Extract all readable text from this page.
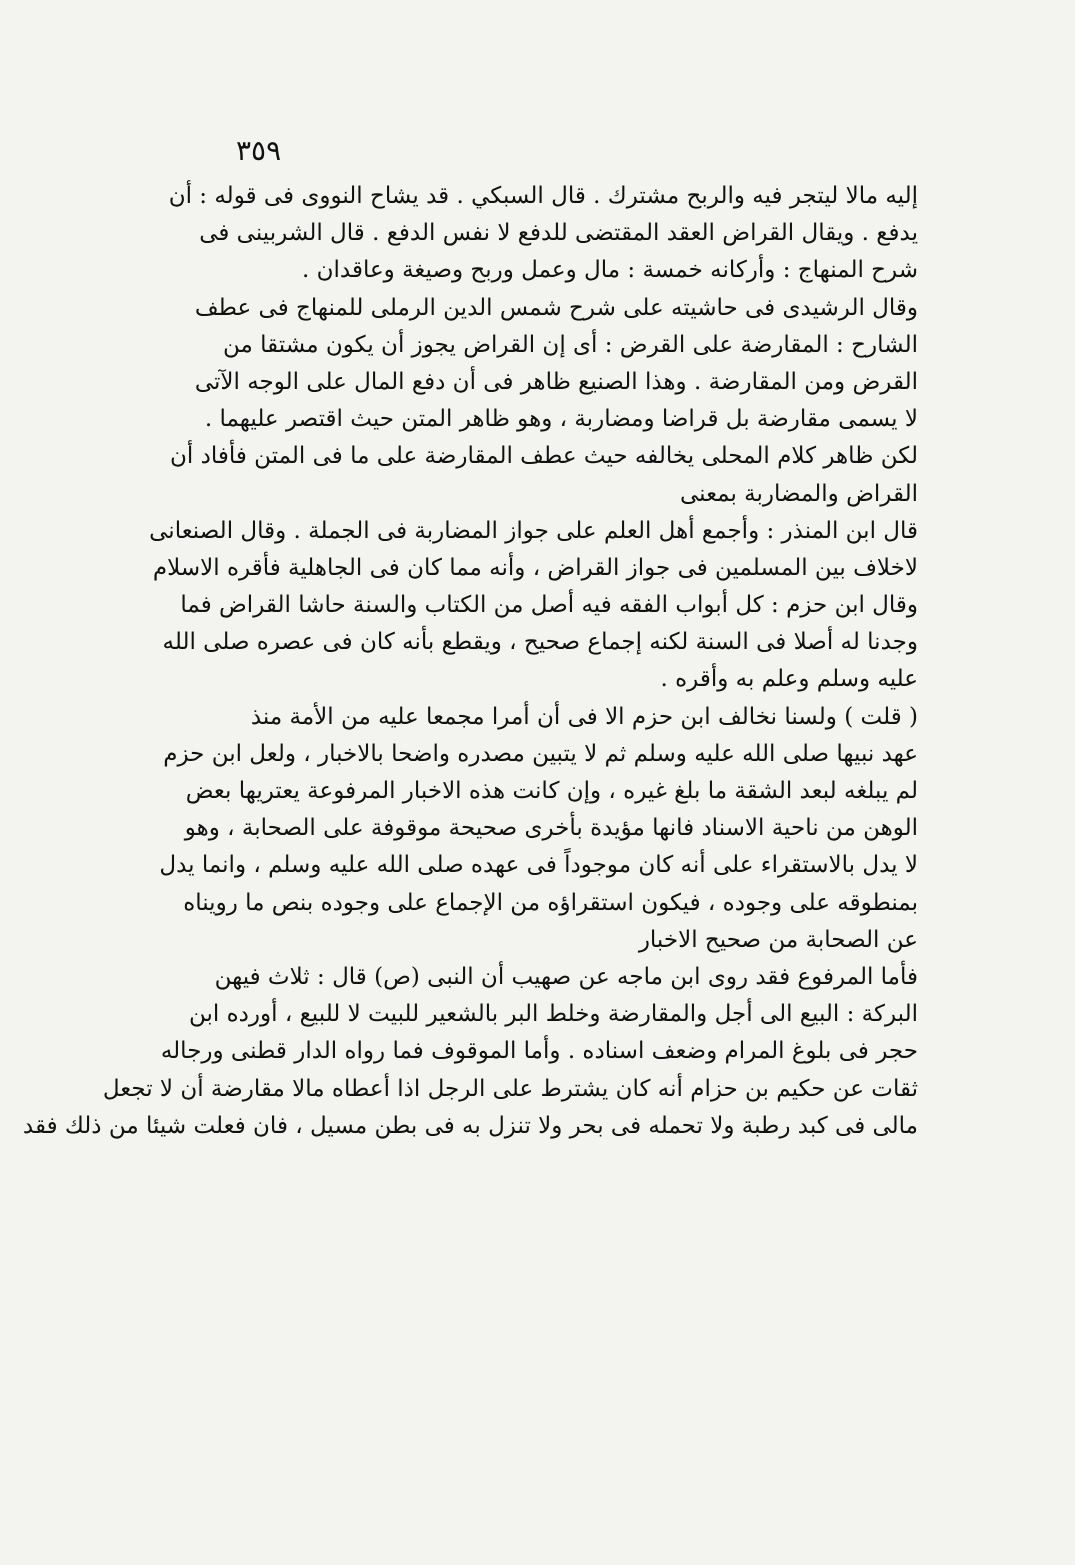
٣٥٩
إليه مالا ليتجر فيه والربح مشترك . قال السبكي . قد يشاح النووى فى قوله : أن
يدفع . ويقال القراض العقد المقتضى للدفع لا نفس الدفع . قال الشربينى فى
شرح المنهاج : وأركانه خمسة : مال وعمل وربح وصيغة وعاقدان .
وقال الرشيدى فى حاشيته على شرح شمس الدين الرملى للمنهاج فى عطف
الشارح : المقارضة على القرض : أى إن القراض يجوز أن يكون مشتقا من
القرض ومن المقارضة . وهذا الصنيع ظاهر فى أن دفع المال على الوجه الآتى
لا يسمى مقارضة بل قراضا ومضاربة ، وهو ظاهر المتن حيث اقتصر عليهما .
لكن ظاهر كلام المحلى يخالفه حيث عطف المقارضة على ما فى المتن فأفاد أن
القراض والمضاربة بمعنى
قال ابن المنذر : وأجمع أهل العلم على جواز المضاربة فى الجملة . وقال الصنعانى
لاخلاف بين المسلمين فى جواز القراض ، وأنه مما كان فى الجاهلية فأقره الاسلام
وقال ابن حزم : كل أبواب الفقه فيه أصل من الكتاب والسنة حاشا القراض فما
وجدنا له أصلا فى السنة لكنه إجماع صحيح ، ويقطع بأنه كان فى عصره صلى الله
عليه وسلم وعلم به وأقره .
( قلت ) ولسنا نخالف ابن حزم الا فى أن أمرا مجمعا عليه من الأمة منذ
عهد نبيها صلى الله عليه وسلم ثم لا يتبين مصدره واضحا بالاخبار ، ولعل ابن حزم
لم يبلغه لبعد الشقة ما بلغ غيره ، وإن كانت هذه الاخبار المرفوعة يعتريها بعض
الوهن من ناحية الاسناد فانها مؤيدة بأخرى صحيحة موقوفة على الصحابة ، وهو
لا يدل بالاستقراء على أنه كان موجوداً فى عهده صلى الله عليه وسلم ، وانما يدل
بمنطوقه على وجوده ، فيكون استقراؤه من الإجماع على وجوده بنص ما رويناه
عن الصحابة من صحيح الاخبار
فأما المرفوع فقد روى ابن ماجه عن صهيب أن النبى (ص) قال : ثلاث فيهن
البركة : البيع الى أجل والمقارضة وخلط البر بالشعير للبيت لا للبيع ، أورده ابن
حجر فى بلوغ المرام وضعف اسناده . وأما الموقوف فما رواه الدار قطنى ورجاله
ثقات عن حكيم بن حزام أنه كان يشترط على الرجل اذا أعطاه مالا مقارضة أن لا تجعل
مالى فى كبد رطبة ولا تحمله فى بحر ولا تنزل به فى بطن مسيل ، فان فعلت شيئا من ذلك فقد
